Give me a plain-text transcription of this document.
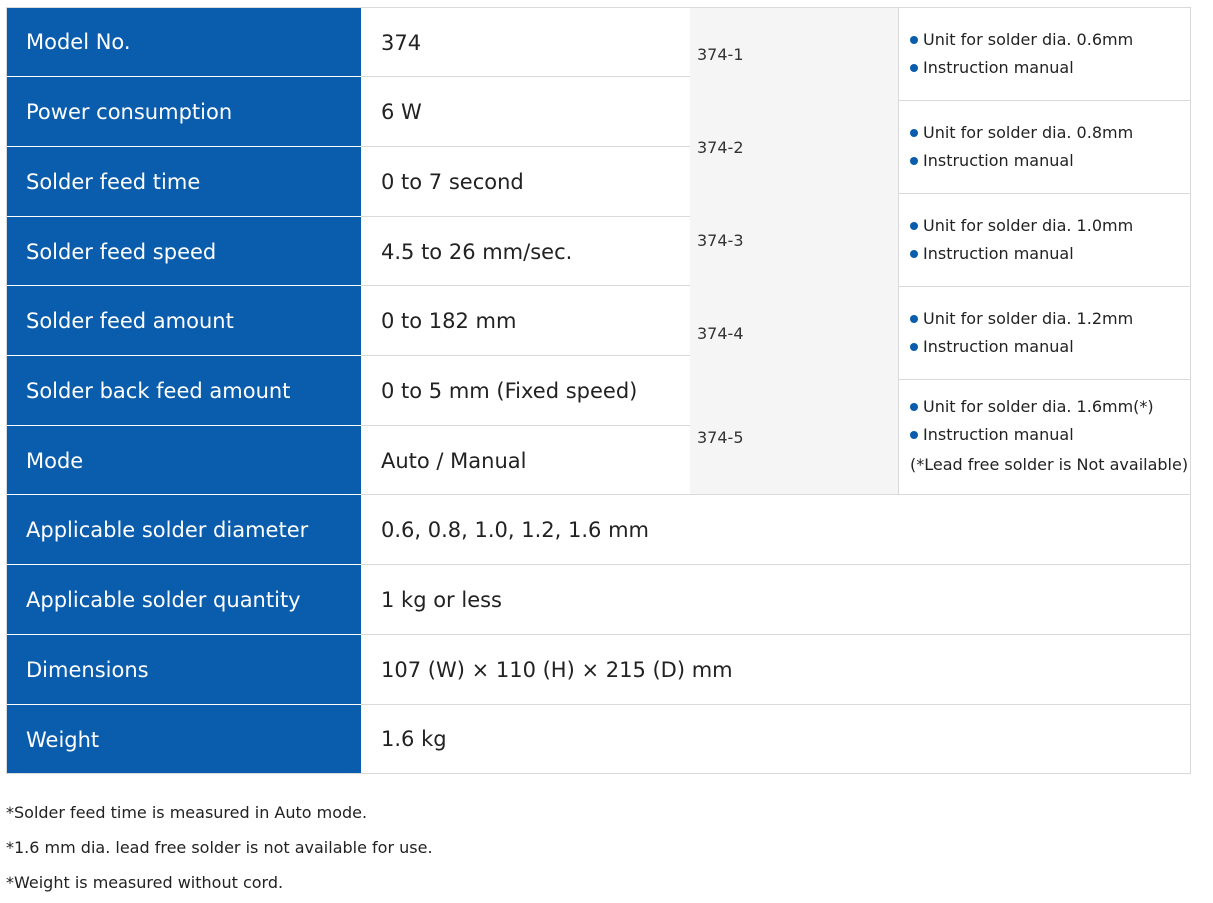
Model No.	374
Power consumption	6 W
Solder feed time	0 to 7 second
Solder feed speed	4.5 to 26 mm/sec.
Solder feed amount	0 to 182 mm
Solder back feed amount	0 to 5 mm (Fixed speed)
Mode	Auto / Manual
Applicable solder diameter	0.6, 0.8, 1.0, 1.2, 1.6 mm
Applicable solder quantity	1 kg or less
Dimensions	107 (W) × 110 (H) × 215 (D) mm
Weight	1.6 kg
374-1
Unit for solder dia. 0.6mm
Instruction manual
374-2
Unit for solder dia. 0.8mm
Instruction manual
374-3
Unit for solder dia. 1.0mm
Instruction manual
374-4
Unit for solder dia. 1.2mm
Instruction manual
374-5
Unit for solder dia. 1.6mm(*)
Instruction manual
(*Lead free solder is Not available)
*Solder feed time is measured in Auto mode.
*1.6 mm dia. lead free solder is not available for use.
*Weight is measured without cord.
